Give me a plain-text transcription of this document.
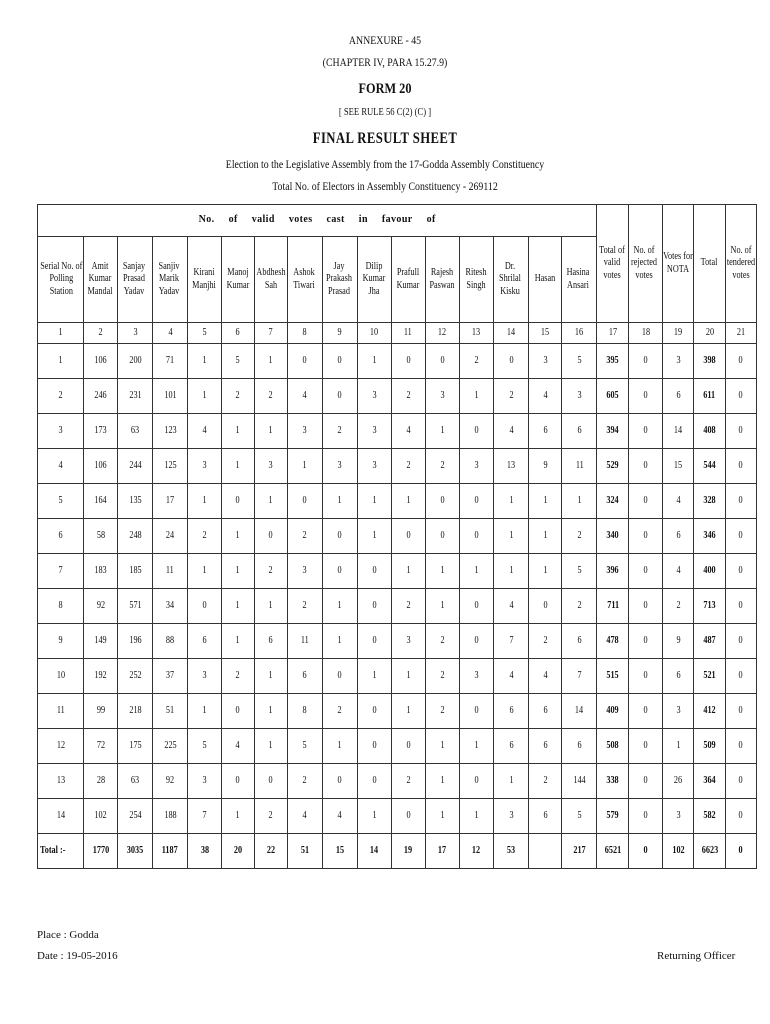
ANNEXURE - 45
(CHAPTER IV, PARA 15.27.9)
FORM 20
[ SEE RULE 56 C(2) (C) ]
FINAL RESULT SHEET
Election to the Legislative Assembly from the 17-Godda Assembly Constituency
Total No. of Electors in Assembly Constituency - 269112
No. of valid votes cast in favour of																Total of valid votes	No. of rejected votes	Votes for NOTA	Total	No. of tendered votes

Serial No. of Polling Station	Amit Kumar Mandal	Sanjay Prasad Yadav	Sanjiv Marik Yadav	Kirani Manjhi	Manoj Kumar	Abdhesh Sah	Ashok Tiwari	Jay Prakash Prasad	Dilip Kumar Jha	Prafull Kumar	Rajesh Paswan	Ritesh Singh	Dr. Shrilal Kisku	Hasan	Hasina Ansari					

1	2	3	4	5	6	7	8	9	10	11	12	13	14	15	16	17	18	19	20	21
1	106	200	71	1	5	1	0	0	1	0	0	2	0	3	5	395	0	3	398	0
2	246	231	101	1	2	2	4	0	3	2	3	1	2	4	3	605	0	6	611	0
3	173	63	123	4	1	1	3	2	3	4	1	0	4	6	6	394	0	14	408	0
4	106	244	125	3	1	3	1	3	3	2	2	3	13	9	11	529	0	15	544	0
5	164	135	17	1	0	1	0	1	1	1	0	0	1	1	1	324	0	4	328	0
6	58	248	24	2	1	0	2	0	1	0	0	0	1	1	2	340	0	6	346	0
7	183	185	11	1	1	2	3	0	0	1	1	1	1	1	5	396	0	4	400	0
8	92	571	34	0	1	1	2	1	0	2	1	0	4	0	2	711	0	2	713	0
9	149	196	88	6	1	6	11	1	0	3	2	0	7	2	6	478	0	9	487	0
10	192	252	37	3	2	1	6	0	1	1	2	3	4	4	7	515	0	6	521	0
11	99	218	51	1	0	1	8	2	0	1	2	0	6	6	14	409	0	3	412	0
12	72	175	225	5	4	1	5	1	0	0	1	1	6	6	6	508	0	1	509	0
13	28	63	92	3	0	0	2	0	0	2	1	0	1	2	144	338	0	26	364	0
14	102	254	188	7	1	2	4	4	1	0	1	1	3	6	5	579	0	3	582	0
Total :-	1770	3035	1187	38	20	22	51	15	14	19	17	12	53		217	6521	0	102	6623	0
Place : Godda
Date : 19-05-2016	Returning Officer
